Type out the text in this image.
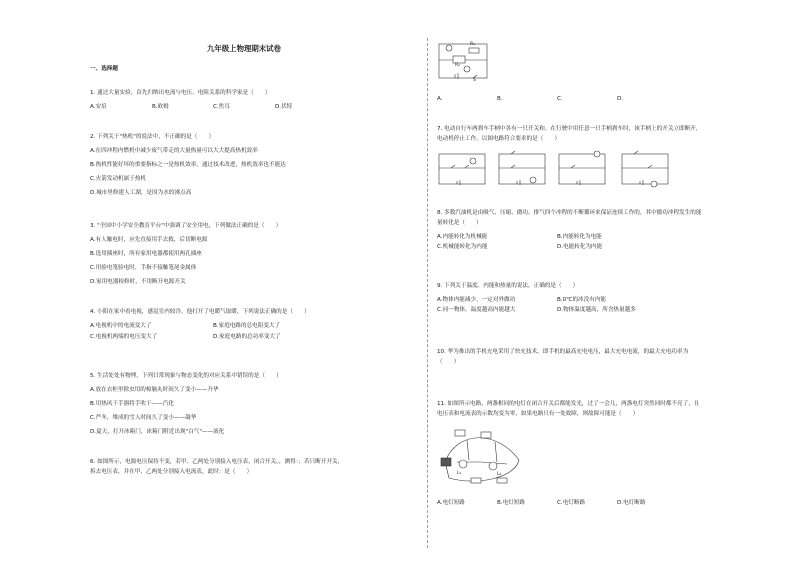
九年级上物理期末试卷
一、选择题
1. 通过大量实验，首先归纳出电流与电压、电阻关系的科学家是（　　）
A.安培	B.欧姆	C.焦耳	D.伏特
2. 下列关于"热机"的说法中，不正确的是（　　）
A.在四冲程内燃机中减少废气带走的大量热量可以大大提高热机效率
B.热机性能好坏的重要指标之一是热机效率，通过技术改进，热机效率也不能达
C.火箭发动机属于热机
D.城市里修建人工湖，是因为水的沸点高
3. "全国中小学安全教育平台"中强调了安全用电，下列做法正确的是（　　）
A.有人触电时，应先直接用手去救，后切断电源
B.选用插座时，所有家用电器都使用两孔插座
C.用验电笔验电时，手指不接触笔尾金属体
D.家用电器检修时，不用断开电源开关
4. 小阳在家中看电视，感觉室内较冷，他打开了电暖气取暖，下列说法正确的是（　　）
A.电视机中的电流变大了	B.家庭电路的总电阻变大了
C.电视机两端的电压变大了	D.家庭电路的总功率变大了
5. 生活处处有物理，下列日常现象与物态变化的对应关系中错误的是（　　）
A.放在衣柜里除虫用的樟脑丸时间久了变小——升华
B.用热风干手器将手吹干——汽化
C.严冬，堆成的雪人时间久了变小——凝华
D.夏天，打开冰箱门，冰箱门附近出现"白气"——液化
6. 如图所示，电源电压保持不变，若甲、乙两处分别接入电压表，闭合开关，，测得：；若只断开开关，
拆去电压表，并在甲、乙两处分别接入电流表，此时：是（　　）
R₁
R₂
S
A.	B.	C.	D.
7. 电动自行车两刹车手柄中各有一只开关和。在行驶中用任意一只手柄刹车时，该手柄上的开关立即断开，
电动机停止工作。以图电路符合要求的是（　　）
8. 多数汽油机是由吸气、压缩、做功、排气四个冲程的不断循环来保证连续工作的，其中做功冲程发生的能
量转化是（　　）
A.内能转化为机械能	B.内能转化为电能
C.机械能转化为内能	D.电能转化为内能
9. 下列关于温度、内能和热量的说法，正确的是（　　）
A.物体内能减少，一定对外做功	B.0℃的冰没有内能
C.同一物体，温度越高内能越大	D.物体温度越高，所含热量越多
10. 华为推出的手机充电采用了快充技术，即手机的最高充电电压，最大充电电流，的最大充电功率为
（　　）
11. 如图所示电路，两盏相同的电灯在闭合开关后都能发光，过了一会儿，两盏电灯突然同时都不亮了，且
电压表和电流表的示数均变为零，如果电路只有一处故障，则故障可能是（　　）
L₁	L₂
A.电灯短路	B.电灯短路	C.电灯断路	D.电灯断路
